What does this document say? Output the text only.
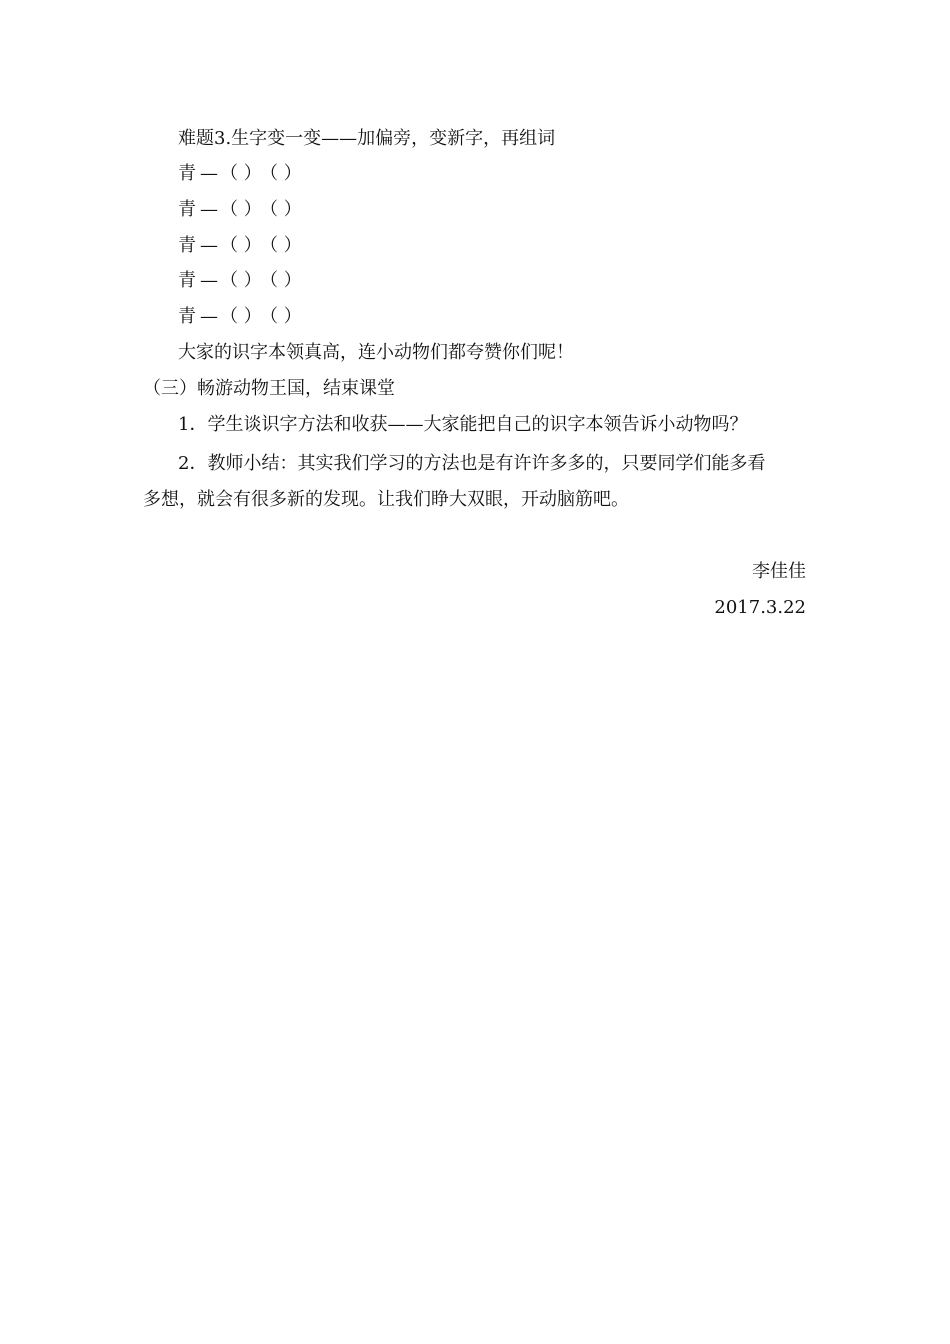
难题3.生字变一变——加偏旁，变新字，再组词
青 — （ ）（ ）
青 — （ ）（ ）
青 — （ ）（ ）
青 — （ ）（ ）
青 — （ ）（ ）
大家的识字本领真高，连小动物们都夸赞你们呢！
（三）畅游动物王国，结束课堂
1．学生谈识字方法和收获——大家能把自己的识字本领告诉小动物吗？
2．教师小结：其实我们学习的方法也是有许许多多的，只要同学们能多看
多想，就会有很多新的发现。让我们睁大双眼，开动脑筋吧。
李佳佳
2017.3.22
